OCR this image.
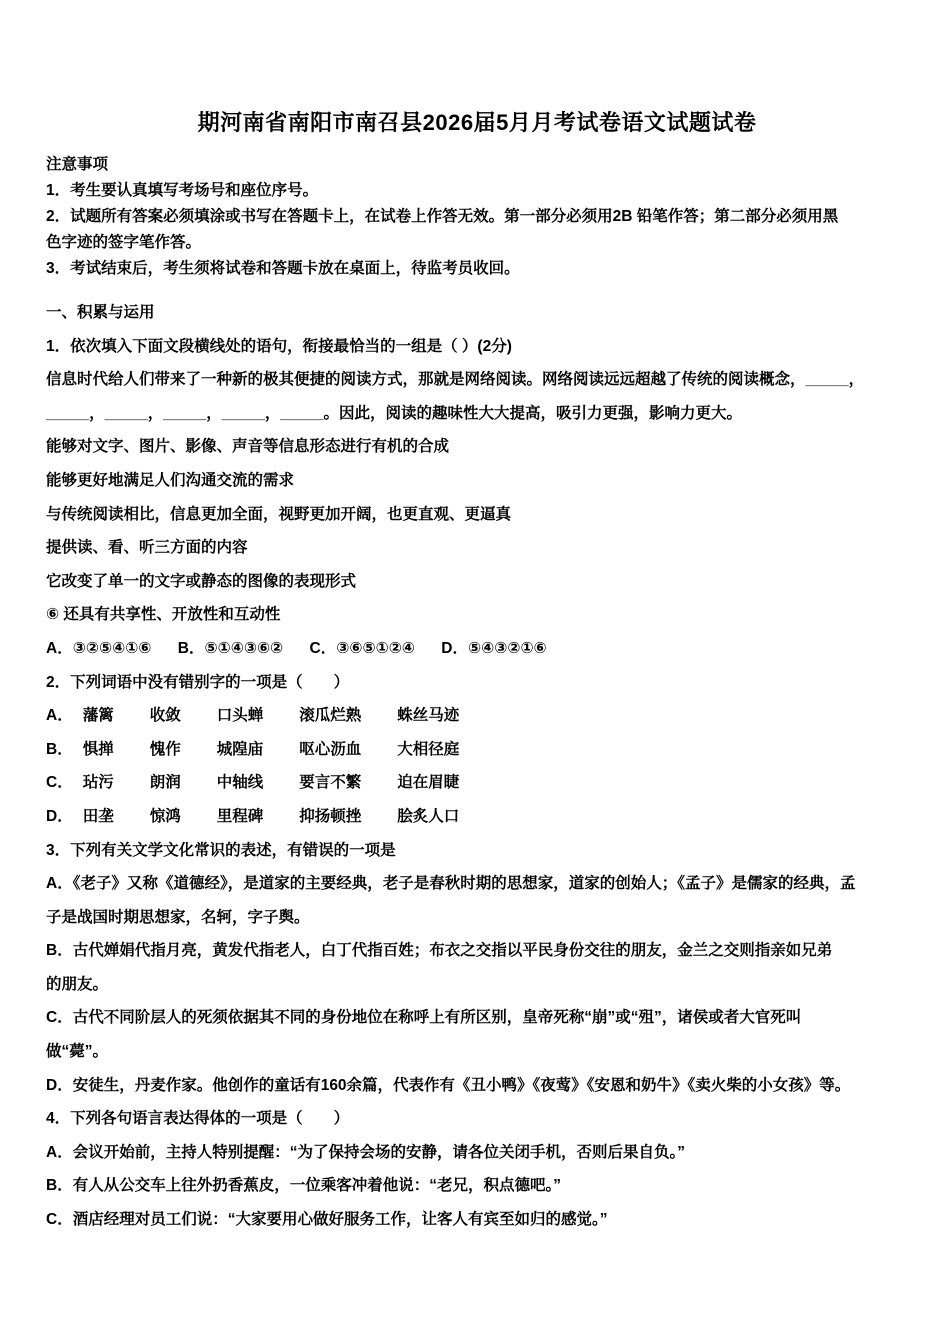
期河南省南阳市南召县2026届5月月考试卷语文试题试卷
注意事项
1．考生要认真填写考场号和座位序号。
2．试题所有答案必须填涂或书写在答题卡上，在试卷上作答无效。第一部分必须用2B 铅笔作答；第二部分必须用黑
色字迹的签字笔作答。
3．考试结束后，考生须将试卷和答题卡放在桌面上，待监考员收回。
一、积累与运用
1．依次填入下面文段横线处的语句，衔接最恰当的一组是（ ）(2分)
信息时代给人们带来了一种新的极其便捷的阅读方式，那就是网络阅读。网络阅读远远超越了传统的阅读概念，_____，
_____，_____，_____，_____，_____。因此，阅读的趣味性大大提高，吸引力更强，影响力更大。
能够对文字、图片、影像、声音等信息形态进行有机的合成
能够更好地满足人们沟通交流的需求
与传统阅读相比，信息更加全面，视野更加开阔，也更直观、更逼真
提供读、看、听三方面的内容
它改变了单一的文字或静态的图像的表现形式
⑥ 还具有共享性、开放性和互动性
A．③②⑤④①⑥ B．⑤①④③⑥② C．③⑥⑤①②④ D．⑤④③②①⑥
2．下列词语中没有错别字的一项是（　　）
A． 藩篱 收敛 口头蝉 滚瓜烂熟 蛛丝马迹
B． 惧掸 愧作 城隍庙 呕心沥血 大相径庭
C． 玷污 朗润 中轴线 要言不繁 迫在眉睫
D． 田垄 惊鸿 里程碑 抑扬顿挫 脍炙人口
3．下列有关文学文化常识的表述，有错误的一项是
A．《老子》又称《道德经》，是道家的主要经典，老子是春秋时期的思想家，道家的创始人；《孟子》是儒家的经典，孟
子是战国时期思想家，名轲，字子舆。
B．古代婵娟代指月亮，黄发代指老人，白丁代指百姓；布衣之交指以平民身份交往的朋友，金兰之交则指亲如兄弟
的朋友。
C．古代不同阶层人的死须依据其不同的身份地位在称呼上有所区别，皇帝死称“崩”或“殂”，诸侯或者大官死叫
做“薨”。
D．安徒生，丹麦作家。他创作的童话有160余篇，代表作有《丑小鸭》《夜莺》《安恩和奶牛》《卖火柴的小女孩》等。
4．下列各句语言表达得体的一项是（　　）
A．会议开始前，主持人特别提醒：“为了保持会场的安静，请各位关闭手机，否则后果自负。”
B．有人从公交车上往外扔香蕉皮，一位乘客冲着他说：“老兄，积点德吧。”
C．酒店经理对员工们说：“大家要用心做好服务工作，让客人有宾至如归的感觉。”
